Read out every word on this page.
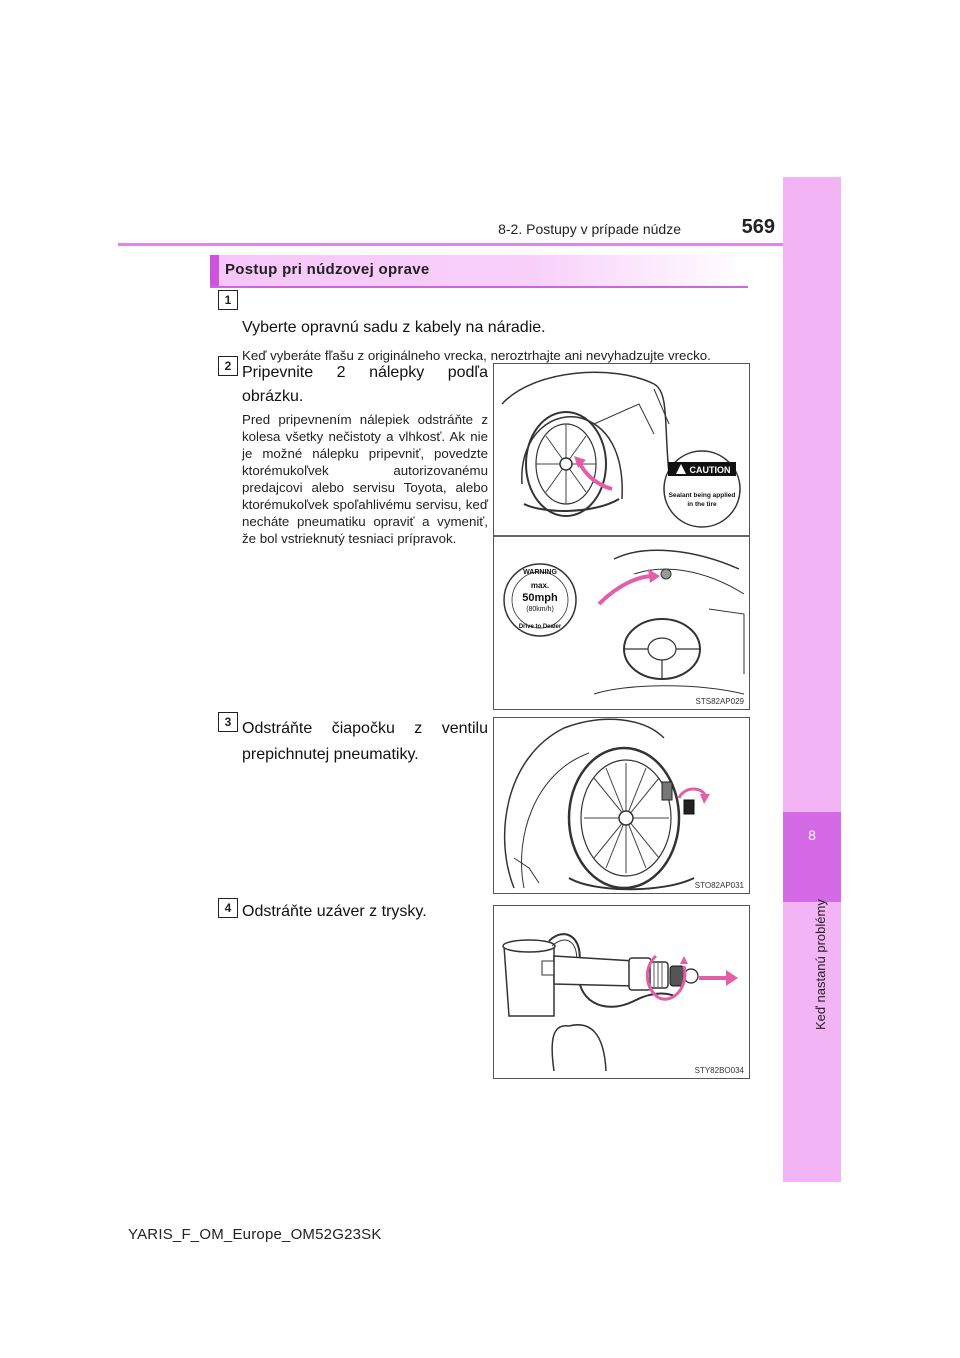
8-2. Postupy v prípade núdze	569
8
Keď nastanú problémy
Postup pri núdzovej oprave
1
Vyberte opravnú sadu z kabely na náradie.
Keď vyberáte fľašu z originálneho vrecka, neroztrhajte ani nevyhadzujte vrecko.
2 Pripevnite 2 nálepky podľa obrázku.
Pred pripevnením nálepiek odstráňte z kolesa všetky nečistoty a vlhkosť. Ak nie je možné nálepku pripevniť, povedzte ktorémukoľvek autorizovanému predajcovi alebo servisu Toyota, alebo ktorémukoľvek spoľahlivému servisu, keď necháte pneumatiku opraviť a vymeniť, že bol vstrieknutý tesniaci prípravok.
CAUTION
Sealant being applied
in the tire
WARNING
max.
50mph
(80km/h)
Drive to Dealer
STS82AP029
3 Odstráňte čiapočku z ventilu prepichnutej pneumatiky.
STO82AP031
4 Odstráňte uzáver z trysky.
STY82BO034
YARIS_F_OM_Europe_OM52G23SK
